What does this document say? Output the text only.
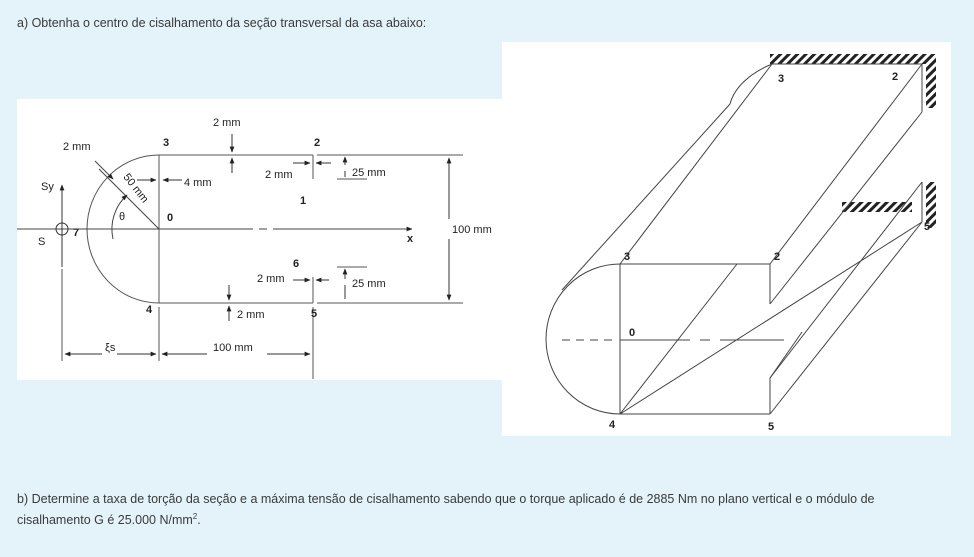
a) Obtenha o centro de cisalhamento da seção transversal da asa abaixo:
2 mm
2 mm
4 mm
50 mm	2 mm	25 mm
2 mm	25 mm
2 mm
100 mm
100 mm
Sy
S
θ
ξs
x
0
1
2
3
4	5
6
7
0
2
2
3
3
4	5
5
b) Determine a taxa de torção da seção e a máxima tensão de cisalhamento sabendo que o torque aplicado é de 2885 Nm no plano vertical e o módulo de cisalhamento G é 25.000 $N/mm^2$.
